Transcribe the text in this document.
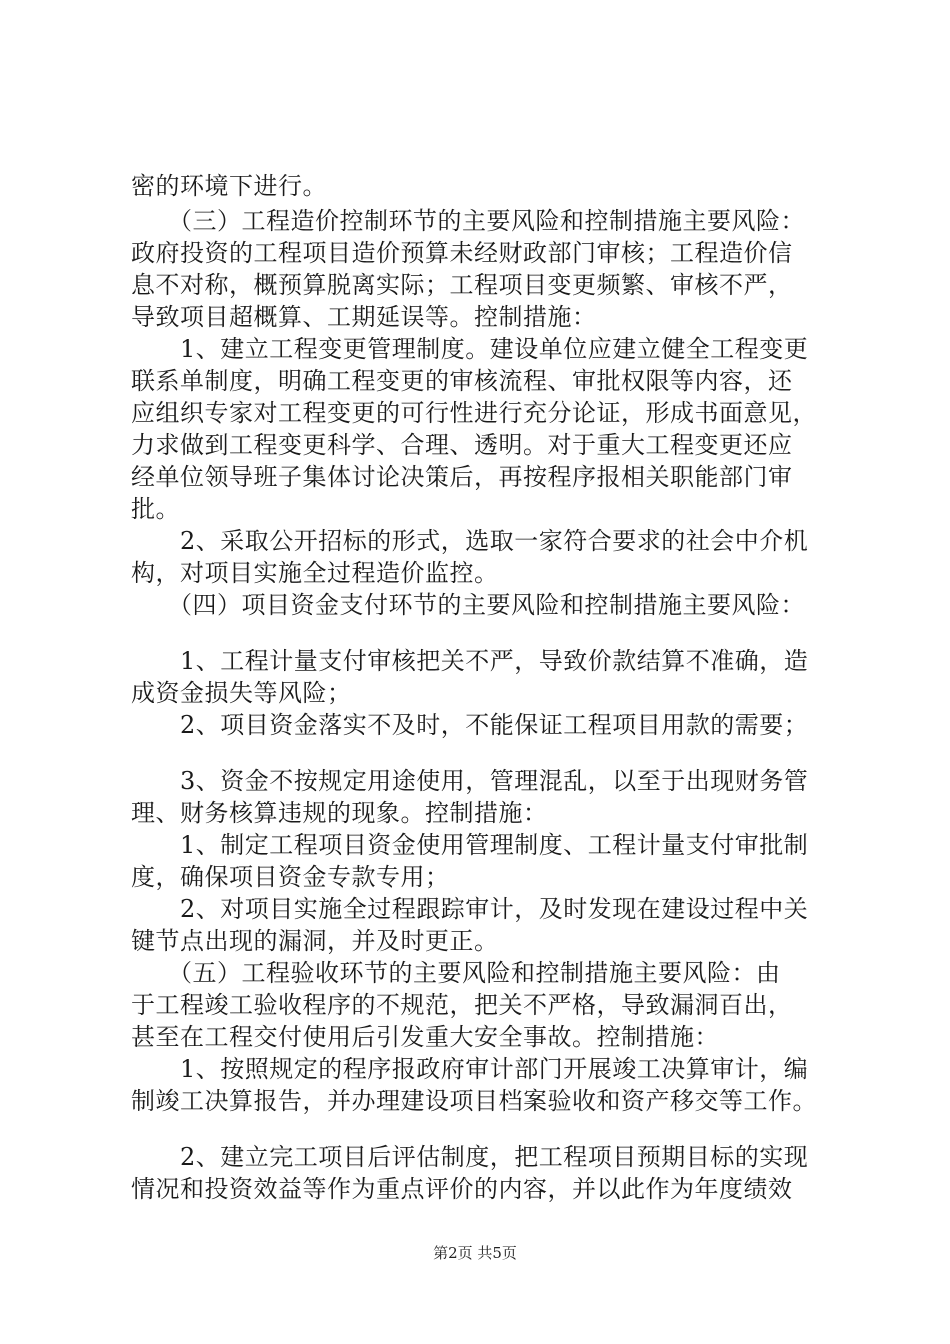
密的环境下进行。
　　（三）工程造价控制环节的主要风险和控制措施主要风险：
政府投资的工程项目造价预算未经财政部门审核；工程造价信
息不对称，概预算脱离实际；工程项目变更频繁、审核不严，
导致项目超概算、工期延误等。控制措施：
　　1、建立工程变更管理制度。建设单位应建立健全工程变更
联系单制度，明确工程变更的审核流程、审批权限等内容，还
应组织专家对工程变更的可行性进行充分论证，形成书面意见，
力求做到工程变更科学、合理、透明。对于重大工程变更还应
经单位领导班子集体讨论决策后，再按程序报相关职能部门审
批。
　　2、采取公开招标的形式，选取一家符合要求的社会中介机
构，对项目实施全过程造价监控。
　　（四）项目资金支付环节的主要风险和控制措施主要风险：
　　1、工程计量支付审核把关不严，导致价款结算不准确，造
成资金损失等风险；
　　2、项目资金落实不及时，不能保证工程项目用款的需要；
　　3、资金不按规定用途使用，管理混乱，以至于出现财务管
理、财务核算违规的现象。控制措施：
　　1、制定工程项目资金使用管理制度、工程计量支付审批制
度，确保项目资金专款专用；
　　2、对项目实施全过程跟踪审计，及时发现在建设过程中关
键节点出现的漏洞，并及时更正。
　　（五）工程验收环节的主要风险和控制措施主要风险：由
于工程竣工验收程序的不规范，把关不严格，导致漏洞百出，
甚至在工程交付使用后引发重大安全事故。控制措施：
　　1、按照规定的程序报政府审计部门开展竣工决算审计，编
制竣工决算报告，并办理建设项目档案验收和资产移交等工作。
　　2、建立完工项目后评估制度，把工程项目预期目标的实现
情况和投资效益等作为重点评价的内容，并以此作为年度绩效
第2页 共5页
